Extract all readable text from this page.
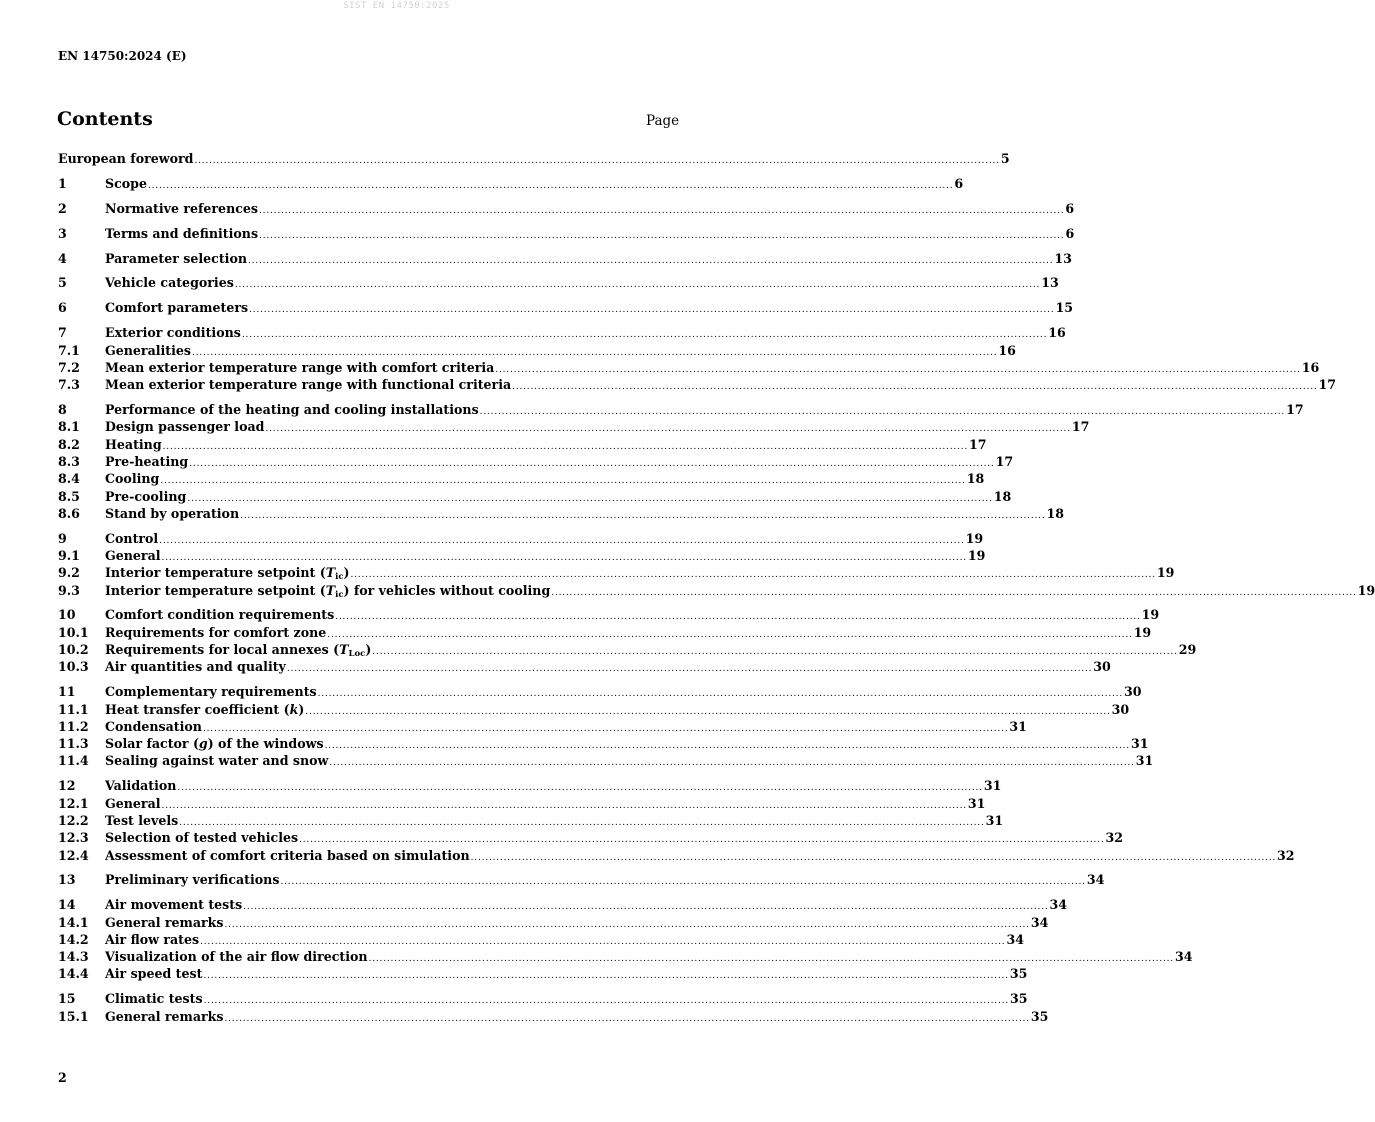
SIST EN 14750:2025
EN 14750:2024 (E)
Contents	Page
European foreword ............................................................................................................................................................................................................................ 5
1	Scope ............................................................................................................................................................................................................................ 6
2	Normative references ............................................................................................................................................................................................................................ 6
3	Terms and definitions ............................................................................................................................................................................................................................ 6
4	Parameter selection ............................................................................................................................................................................................................................ 13
5	Vehicle categories ............................................................................................................................................................................................................................ 13
6	Comfort parameters ............................................................................................................................................................................................................................ 15
7	Exterior conditions ............................................................................................................................................................................................................................ 16
7.1 Generalities ............................................................................................................................................................................................................................ 16
7.2 Mean exterior temperature range with comfort criteria ............................................................................................................................................................................................................................ 16
7.3 Mean exterior temperature range with functional criteria ............................................................................................................................................................................................................................ 17
8	Performance of the heating and cooling installations ............................................................................................................................................................................................................................ 17
8.1 Design passenger load ............................................................................................................................................................................................................................ 17
8.2 Heating ............................................................................................................................................................................................................................ 17
8.3 Pre-heating ............................................................................................................................................................................................................................ 17
8.4 Cooling ............................................................................................................................................................................................................................ 18
8.5 Pre-cooling ............................................................................................................................................................................................................................ 18
8.6 Stand by operation ............................................................................................................................................................................................................................ 18
9	Control ............................................................................................................................................................................................................................ 19
9.1 General ............................................................................................................................................................................................................................ 19
9.2 Interior temperature setpoint $(T_{ic})$ ............................................................................................................................................................................................................................ 19
9.3 Interior temperature setpoint $(T_{ic})$ for vehicles without cooling ............................................................................................................................................................................................................................ 19
10 Comfort condition requirements ............................................................................................................................................................................................................................ 19
10.1 Requirements for comfort zone ............................................................................................................................................................................................................................ 19
10.2 Requirements for local annexes $(T_{Loc})$ ............................................................................................................................................................................................................................ 29
10.3 Air quantities and quality ............................................................................................................................................................................................................................ 30
11 Complementary requirements ............................................................................................................................................................................................................................ 30
11.1 Heat transfer coefficient (k) ............................................................................................................................................................................................................................ 30
11.2 Condensation ............................................................................................................................................................................................................................ 31
11.3 Solar factor (g) of the windows ............................................................................................................................................................................................................................ 31
11.4 Sealing against water and snow ............................................................................................................................................................................................................................ 31
12 Validation ............................................................................................................................................................................................................................ 31
12.1 General ............................................................................................................................................................................................................................ 31
12.2 Test levels ............................................................................................................................................................................................................................ 31
12.3 Selection of tested vehicles ............................................................................................................................................................................................................................ 32
12.4 Assessment of comfort criteria based on simulation ............................................................................................................................................................................................................................ 32
13 Preliminary verifications ............................................................................................................................................................................................................................ 34
14 Air movement tests ............................................................................................................................................................................................................................ 34
14.1 General remarks ............................................................................................................................................................................................................................ 34
14.2 Air flow rates ............................................................................................................................................................................................................................ 34
14.3 Visualization of the air flow direction ............................................................................................................................................................................................................................ 34
14.4 Air speed test ............................................................................................................................................................................................................................ 35
15 Climatic tests ............................................................................................................................................................................................................................ 35
15.1 General remarks ............................................................................................................................................................................................................................ 35
2
